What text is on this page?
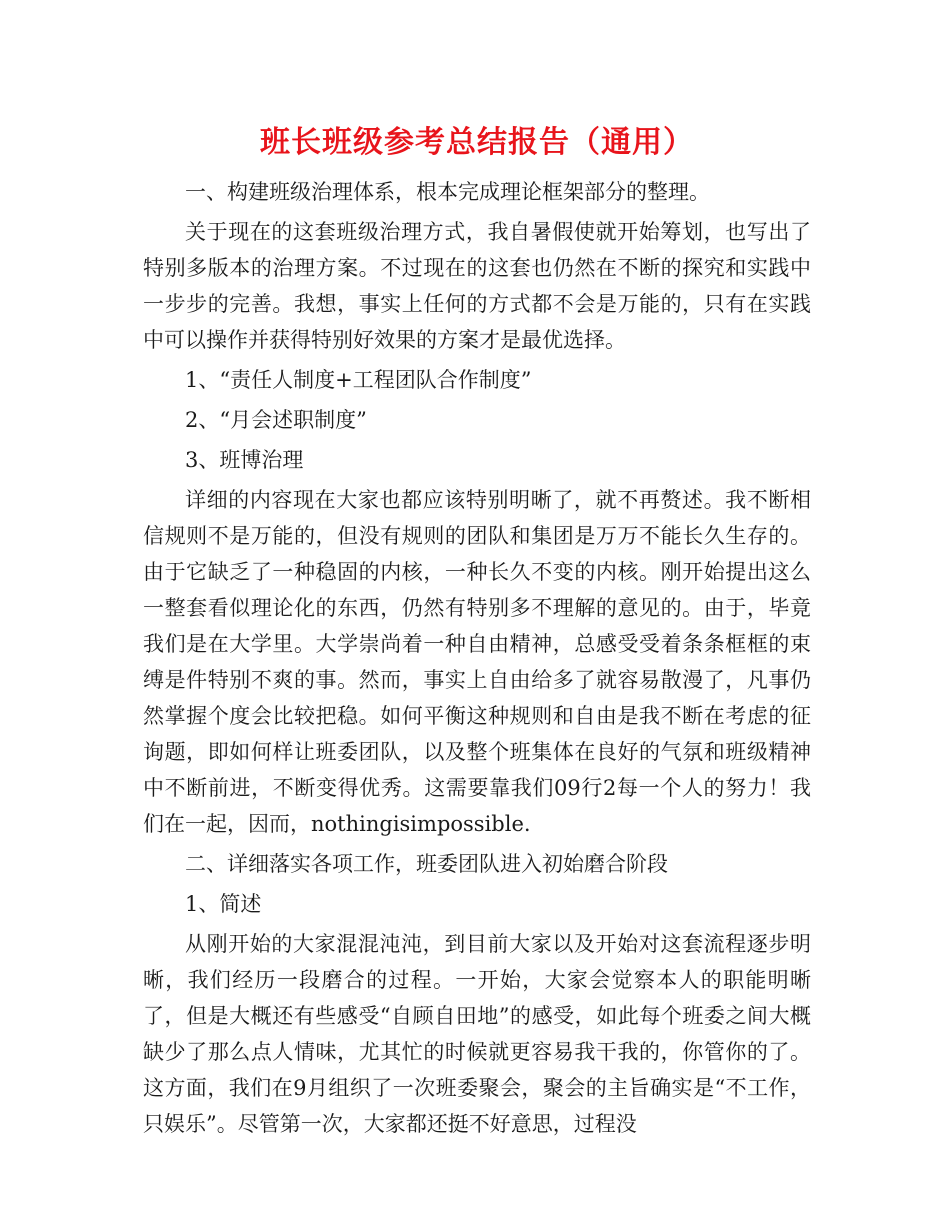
班长班级参考总结报告（通用）

一、构建班级治理体系，根本完成理论框架部分的整理。

关于现在的这套班级治理方式，我自暑假使就开始筹划，也写出了特别多版本的治理方案。不过现在的这套也仍然在不断的探究和实践中一步步的完善。我想，事实上任何的方式都不会是万能的，只有在实践中可以操作并获得特别好效果的方案才是最优选择。

1、“责任人制度+工程团队合作制度”

2、“月会述职制度”

3、班博治理

详细的内容现在大家也都应该特别明晰了，就不再赘述。我不断相信规则不是万能的，但没有规则的团队和集团是万万不能长久生存的。由于它缺乏了一种稳固的内核，一种长久不变的内核。刚开始提出这么一整套看似理论化的东西，仍然有特别多不理解的意见的。由于，毕竟我们是在大学里。大学崇尚着一种自由精神，总感受受着条条框框的束缚是件特别不爽的事。然而，事实上自由给多了就容易散漫了，凡事仍然掌握个度会比较把稳。如何平衡这种规则和自由是我不断在考虑的征询题，即如何样让班委团队，以及整个班集体在良好的气氛和班级精神中不断前进，不断变得优秀。这需要靠我们09行2每一个人的努力！我们在一起，因而，nothingisimpossible.

二、详细落实各项工作，班委团队进入初始磨合阶段

1、简述

从刚开始的大家混混沌沌，到目前大家以及开始对这套流程逐步明晰，我们经历一段磨合的过程。一开始，大家会觉察本人的职能明晰了，但是大概还有些感受“自顾自田地”的感受，如此每个班委之间大概缺少了那么点人情味，尤其忙的时候就更容易我干我的，你管你的了。这方面，我们在9月组织了一次班委聚会，聚会的主旨确实是“不工作，只娱乐”。尽管第一次，大家都还挺不好意思，过程没
